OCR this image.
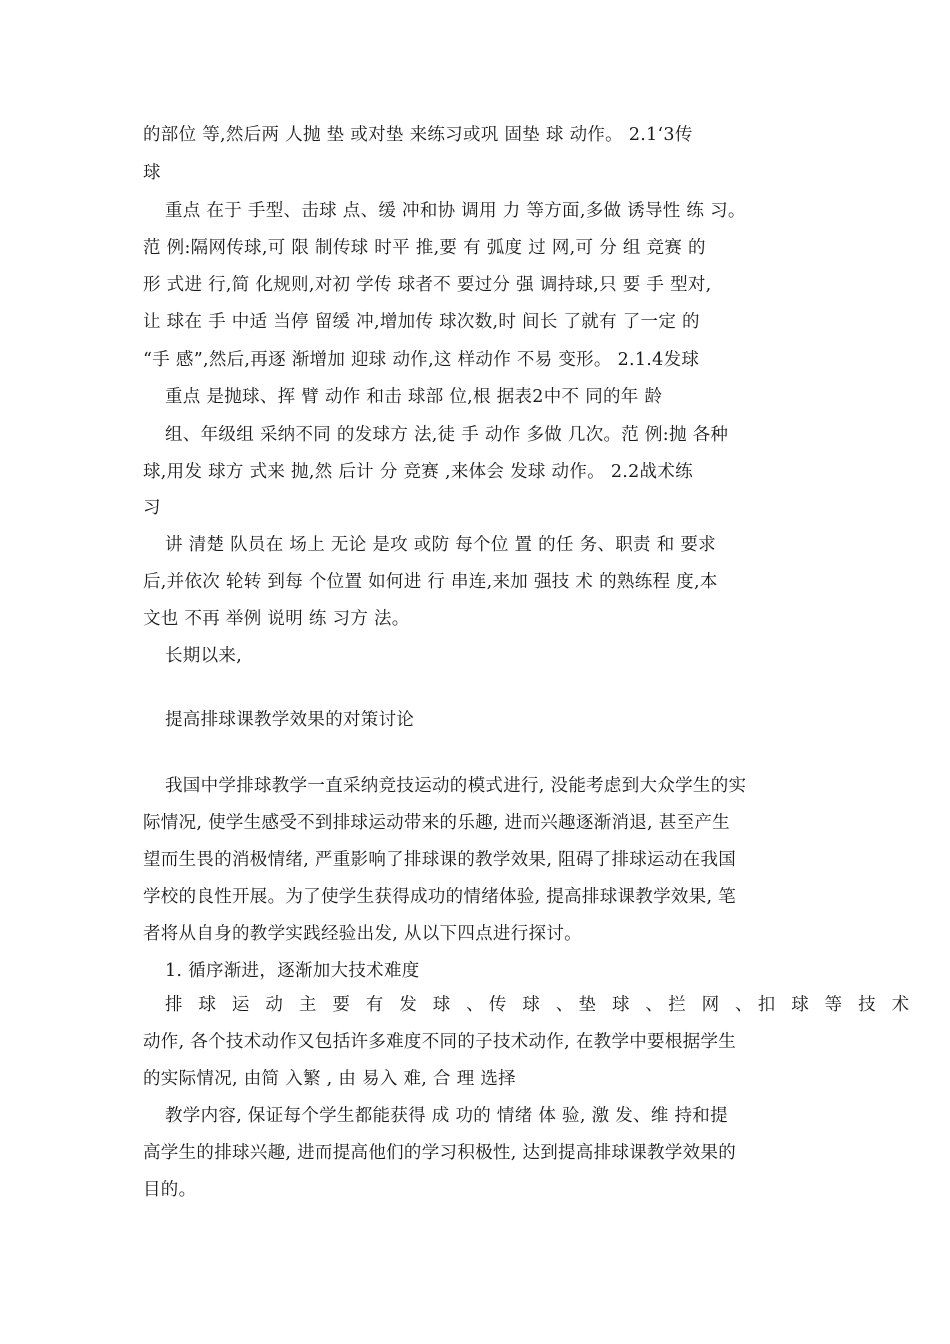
的部位 等,然后两 人抛 垫 或对垫 来练习或巩 固垫 球 动作。 2.1‘3传
球
重点 在于 手型、击球 点、缓 冲和协 调用 力 等方面,多做 诱导性 练 习。
范 例:隔网传球,可 限 制传球 时平 推,要 有 弧度 过 网,可 分 组 竞赛 的
形 式进 行,简 化规则,对初 学传 球者不 要过分 强 调持球,只 要 手 型对,
让 球在 手 中适 当停 留缓 冲,增加传 球次数,时 间长 了就有 了一定 的
“手 感”,然后,再逐 渐增加 迎球 动作,这 样动作 不易 变形。 2.1.4发球
重点 是抛球、挥 臂 动作 和击 球部 位,根 据表2中不 同的年 龄
组、年级组 采纳不同 的发球方 法,徒 手 动作 多做 几次。范 例:抛 各种
球,用发 球方 式来 抛,然 后计 分 竞赛 ,来体会 发球 动作。 2.2战术练
习
讲 清楚 队员在 场上 无论 是攻 或防 每个位 置 的任 务、职责 和 要求
后,并依次 轮转 到每 个位置 如何进 行 串连,来加 强技 术 的熟练程 度,本
文也 不再 举例 说明 练 习方 法。
长期以来,
提高排球课教学效果的对策讨论
我国中学排球教学一直采纳竞技运动的模式进行, 没能考虑到大众学生的实
际情况, 使学生感受不到排球运动带来的乐趣, 进而兴趣逐渐消退, 甚至产生
望而生畏的消极情绪, 严重影响了排球课的教学效果, 阻碍了排球运动在我国
学校的良性开展。为了使学生获得成功的情绪体验, 提高排球课教学效果, 笔
者将从自身的教学实践经验出发, 从以下四点进行探讨。
1. 循序渐进，逐渐加大技术难度
排 球 运 动 主 要 有 发 球 、传 球 、垫 球 、拦 网 、扣 球 等 技 术
动作, 各个技术动作又包括许多难度不同的子技术动作, 在教学中要根据学生
的实际情况, 由简 入繁 , 由 易入 难, 合 理 选择
教学内容, 保证每个学生都能获得 成 功的 情绪 体 验, 激 发、维 持和提
高学生的排球兴趣, 进而提高他们的学习积极性, 达到提高排球课教学效果的
目的。
